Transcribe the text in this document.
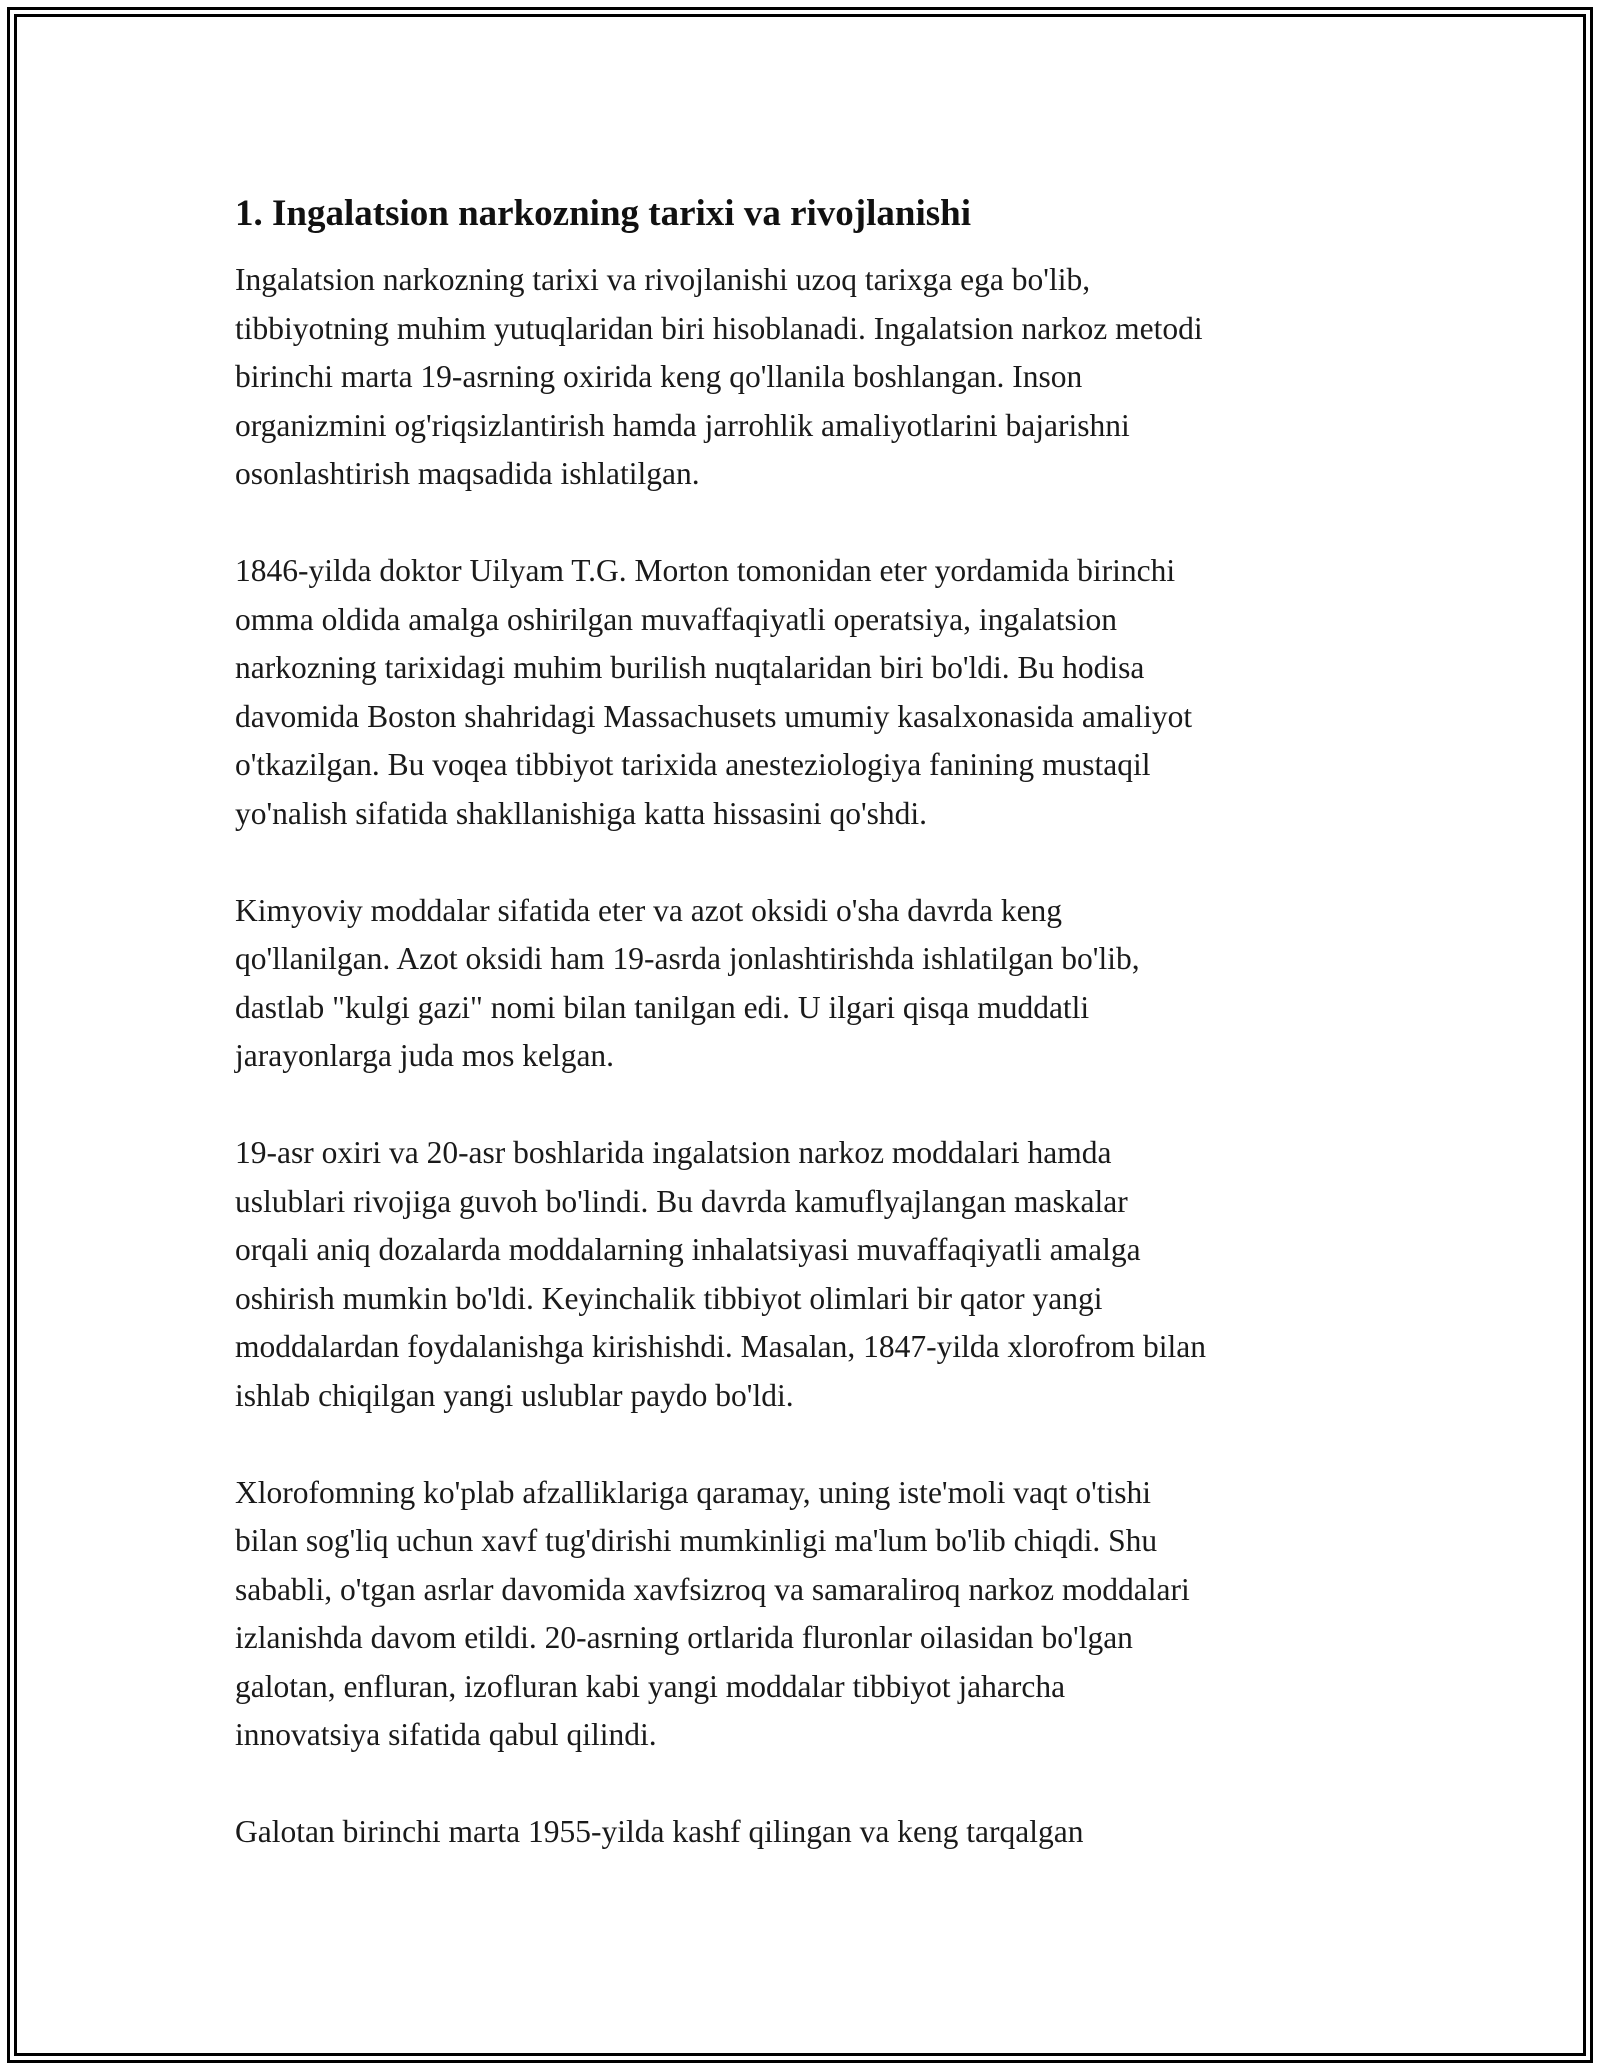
1. Ingalatsion narkozning tarixi va rivojlanishi

Ingalatsion narkozning tarixi va rivojlanishi uzoq tarixga ega bo'lib,
tibbiyotning muhim yutuqlaridan biri hisoblanadi. Ingalatsion narkoz metodi
birinchi marta 19-asrning oxirida keng qo'llanila boshlangan. Inson
organizmini og'riqsizlantirish hamda jarrohlik amaliyotlarini bajarishni
osonlashtirish maqsadida ishlatilgan.

1846-yilda doktor Uilyam T.G. Morton tomonidan eter yordamida birinchi
omma oldida amalga oshirilgan muvaffaqiyatli operatsiya, ingalatsion
narkozning tarixidagi muhim burilish nuqtalaridan biri bo'ldi. Bu hodisa
davomida Boston shahridagi Massachusets umumiy kasalxonasida amaliyot
o'tkazilgan. Bu voqea tibbiyot tarixida anesteziologiya fanining mustaqil
yo'nalish sifatida shakllanishiga katta hissasini qo'shdi.

Kimyoviy moddalar sifatida eter va azot oksidi o'sha davrda keng
qo'llanilgan. Azot oksidi ham 19-asrda jonlashtirishda ishlatilgan bo'lib,
dastlab "kulgi gazi" nomi bilan tanilgan edi. U ilgari qisqa muddatli
jarayonlarga juda mos kelgan.

19-asr oxiri va 20-asr boshlarida ingalatsion narkoz moddalari hamda
uslublari rivojiga guvoh bo'lindi. Bu davrda kamuflyajlangan maskalar
orqali aniq dozalarda moddalarning inhalatsiyasi muvaffaqiyatli amalga
oshirish mumkin bo'ldi. Keyinchalik tibbiyot olimlari bir qator yangi
moddalardan foydalanishga kirishishdi. Masalan, 1847-yilda xlorofrom bilan
ishlab chiqilgan yangi uslublar paydo bo'ldi.

Xlorofomning ko'plab afzalliklariga qaramay, uning iste'moli vaqt o'tishi
bilan sog'liq uchun xavf tug'dirishi mumkinligi ma'lum bo'lib chiqdi. Shu
sababli, o'tgan asrlar davomida xavfsizroq va samaraliroq narkoz moddalari
izlanishda davom etildi. 20-asrning ortlarida fluronlar oilasidan bo'lgan
galotan, enfluran, izofluran kabi yangi moddalar tibbiyot jaharcha
innovatsiya sifatida qabul qilindi.

Galotan birinchi marta 1955-yilda kashf qilingan va keng tarqalgan
